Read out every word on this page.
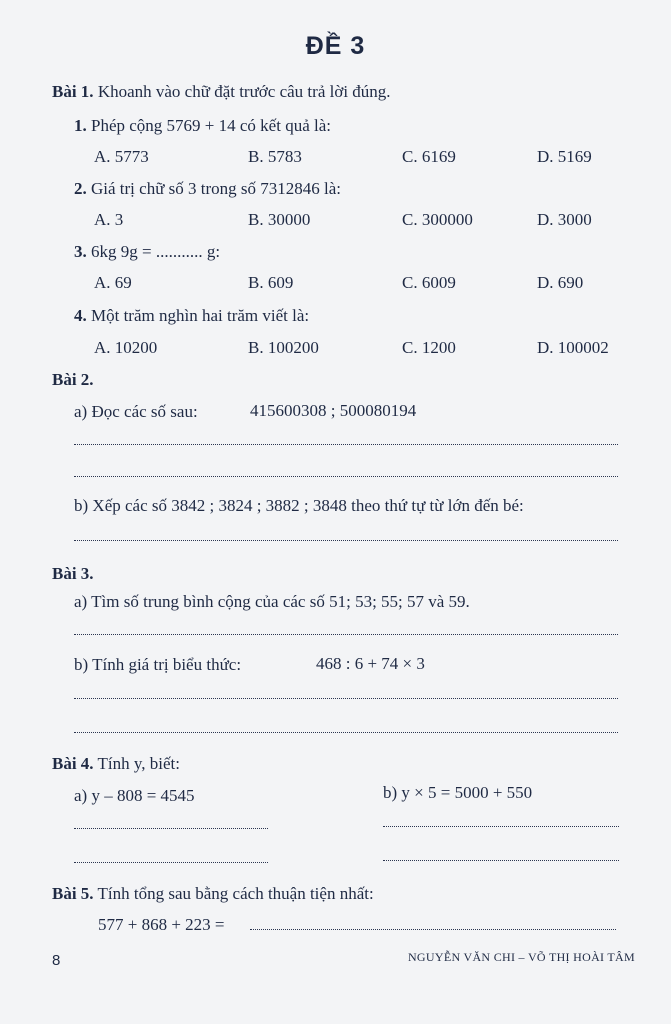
ĐỀ 3
Bài 1. Khoanh vào chữ đặt trước câu trả lời đúng.
1. Phép cộng 5769 + 14 có kết quả là:
A. 5773	B. 5783	C. 6169	D. 5169
2. Giá trị chữ số 3 trong số 7312846 là:
A. 3	B. 30000	C. 300000	D. 3000
3. 6kg 9g = ........... g:
A. 69	B. 609	C. 6009	D. 690
4. Một trăm nghìn hai trăm viết là:
A. 10200	B. 100200	C. 1200	D. 100002
Bài 2.
a) Đọc các số sau:	415600308 ; 500080194
b) Xếp các số 3842 ; 3824 ; 3882 ; 3848 theo thứ tự từ lớn đến bé:
Bài 3.
a) Tìm số trung bình cộng của các số 51; 53; 55; 57 và 59.
b) Tính giá trị biểu thức:	468 : 6 + 74 × 3
Bài 4. Tính y, biết:
a) y – 808 = 4545	b) y × 5 = 5000 + 550
Bài 5. Tính tổng sau bằng cách thuận tiện nhất:
577 + 868 + 223 =
8	NGUYỄN VĂN CHI – VÕ THỊ HOÀI TÂM
